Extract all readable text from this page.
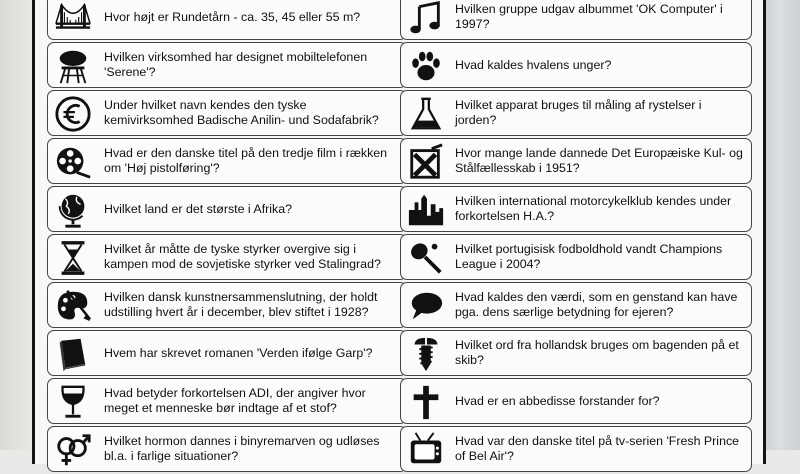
Hvor højt er Rundetårn - ca. 35, 45 eller 55 m?
Hvilken virksomhed har designet mobiltelefonen 'Serene'?
Under hvilket navn kendes den tyske kemivirksomhed Badische Anilin- und Sodafabrik?
Hvad er den danske titel på den tredje film i rækken om 'Høj pistolføring'?
Hvilket land er det største i Afrika?
Hvilket år måtte de tyske styrker overgive sig i kampen mod de sovjetiske styrker ved Stalingrad?
Hvilken dansk kunstnersammenslutning, der holdt udstilling hvert år i december, blev stiftet i 1928?
Hvem har skrevet romanen 'Verden ifølge Garp'?
Hvad betyder forkortelsen ADI, der angiver hvor meget et menneske bør indtage af et stof?
Hvilket hormon dannes i binyremarven og udløses bl.a. i farlige situationer?
Hvilken gruppe udgav albummet 'OK Computer' i 1997?
Hvad kaldes hvalens unger?
Hvilket apparat bruges til måling af rystelser i jorden?
Hvor mange lande dannede Det Europæiske Kul- og Stålfællesskab i 1951?
Hvilken international motorcykelklub kendes under forkortelsen H.A.?
Hvilket portugisisk fodboldhold vandt Champions League i 2004?
Hvad kaldes den værdi, som en genstand kan have pga. dens særlige betydning for ejeren?
Hvilket ord fra hollandsk bruges om bagenden på et skib?
Hvad er en abbedisse forstander for?
Hvad var den danske titel på tv-serien 'Fresh Prince of Bel Air'?
